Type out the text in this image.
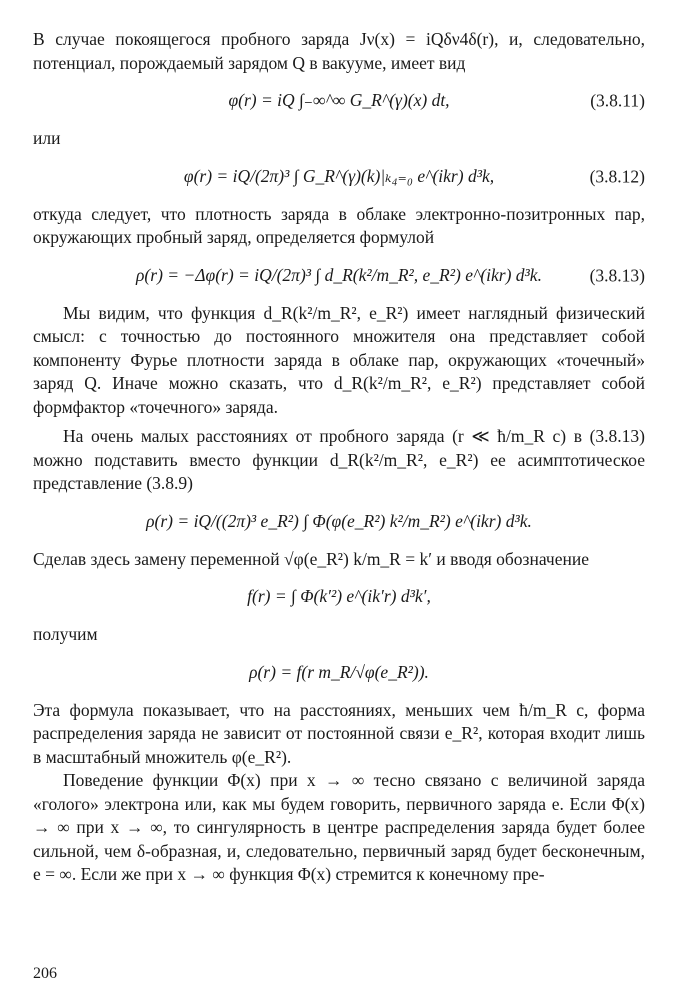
В случае покоящегося пробного заряда Jν(x) = iQδν4δ(r), и, следовательно, потенциал, порождаемый зарядом Q в вакууме, имеет вид

φ(r) = iQ ∫₋∞^∞ G_R^(γ)(x) dt,	(3.8.11)

или

φ(r) = iQ/(2π)³ ∫ G_R^(γ)(k)|ₖ₄₌₀ e^(ikr) d³k,	(3.8.12)

откуда следует, что плотность заряда в облаке электронно-позитронных пар, окружающих пробный заряд, определяется формулой

ρ(r) = −Δφ(r) = iQ/(2π)³ ∫ d_R(k²/m_R², e_R²) e^(ikr) d³k.	(3.8.13)

Мы видим, что функция d_R(k²/m_R², e_R²) имеет наглядный физический смысл: с точностью до постоянного множителя она представляет собой компоненту Фурье плотности заряда в облаке пар, окружающих «точечный» заряд Q. Иначе можно сказать, что d_R(k²/m_R², e_R²) представляет собой формфактор «точечного» заряда.

На очень малых расстояниях от пробного заряда (r ≪ ħ/m_R c) в (3.8.13) можно подставить вместо функции d_R(k²/m_R², e_R²) ее асимптотическое представление (3.8.9)

ρ(r) = iQ/((2π)³ e_R²) ∫ Φ(φ(e_R²) k²/m_R²) e^(ikr) d³k.

Сделав здесь замену переменной √φ(e_R²) k/m_R = k′ и вводя обозначение

f(r) = ∫ Φ(k′²) e^(ik′r) d³k′,

получим

ρ(r) = f(r m_R/√φ(e_R²)).

Эта формула показывает, что на расстояниях, меньших чем ħ/m_R c, форма распределения заряда не зависит от постоянной связи e_R², которая входит лишь в масштабный множитель φ(e_R²).

Поведение функции Φ(x) при x → ∞ тесно связано с величиной заряда «голого» электрона или, как мы будем говорить, первичного заряда e. Если Φ(x) → ∞ при x → ∞, то сингулярность в центре распределения заряда будет более сильной, чем δ-образная, и, следовательно, первичный заряд будет бесконечным, e = ∞. Если же при x → ∞ функция Φ(x) стремится к конечному пре-

206
